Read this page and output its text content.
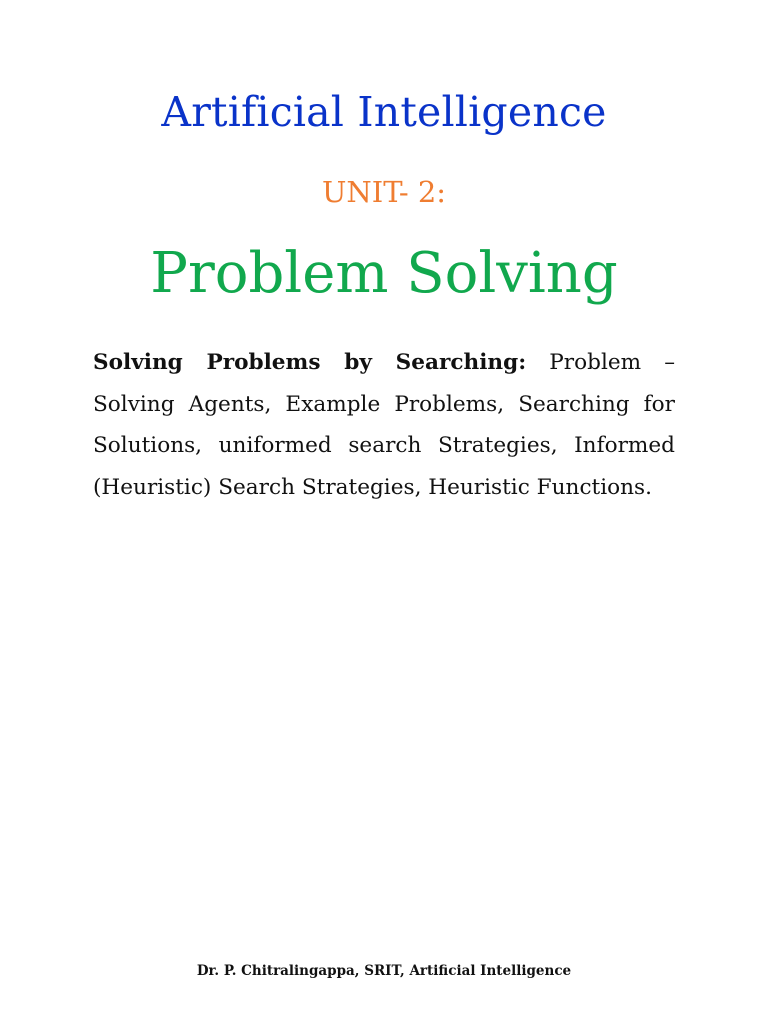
Artificial Intelligence
UNIT- 2:
Problem Solving

Solving Problems by Searching: Problem – Solving Agents, Example Problems, Searching for Solutions, uniformed search Strategies, Informed (Heuristic) Search Strategies, Heuristic Functions.

Dr. P. Chitralingappa, SRIT, Artificial Intelligence
